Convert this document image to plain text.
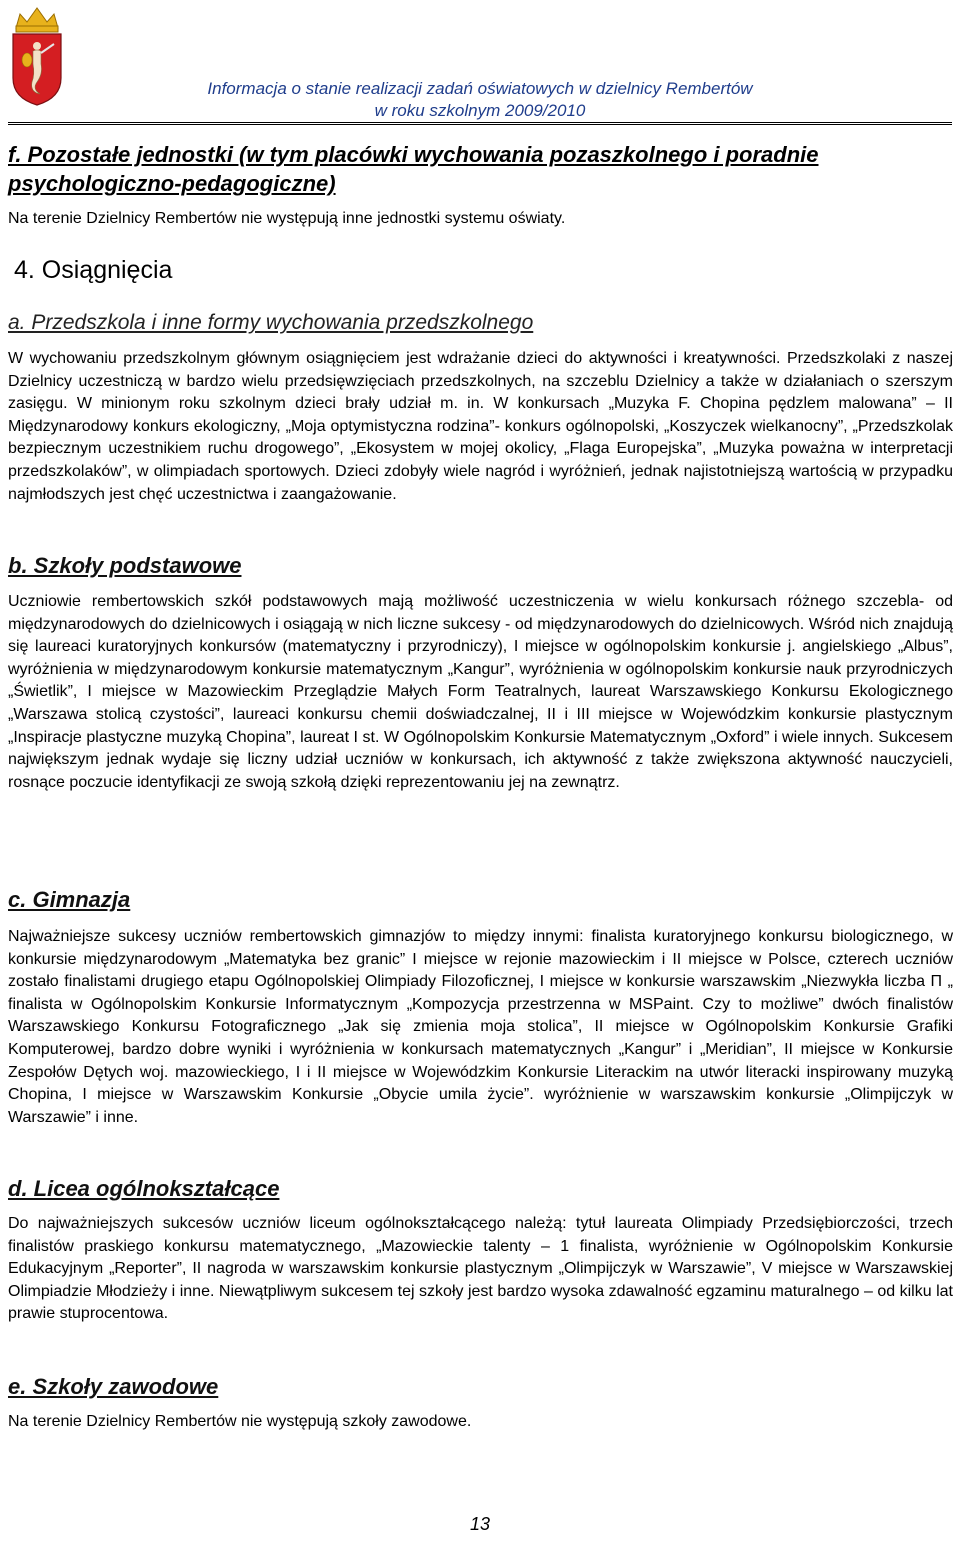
Informacja o stanie realizacji zadań oświatowych w dzielnicy Rembertów
w roku szkolnym 2009/2010
f. Pozostałe jednostki (w tym placówki wychowania pozaszkolnego i poradnie psychologiczno-pedagogiczne)
Na terenie Dzielnicy Rembertów nie występują inne jednostki systemu oświaty.
4. Osiągnięcia
a. Przedszkola i inne formy wychowania przedszkolnego
W wychowaniu przedszkolnym głównym osiągnięciem jest wdrażanie dzieci do aktywności i kreatywności. Przedszkolaki z naszej Dzielnicy uczestniczą w bardzo wielu przedsięwzięciach przedszkolnych, na szczeblu Dzielnicy a także w działaniach o szerszym zasięgu. W minionym roku szkolnym dzieci brały udział m. in. W konkursach „Muzyka F. Chopina pędzlem malowana” – II Międzynarodowy konkurs ekologiczny, „Moja optymistyczna rodzina”- konkurs ogólnopolski, „Koszyczek wielkanocny”, „Przedszkolak bezpiecznym uczestnikiem ruchu drogowego”, „Ekosystem w mojej okolicy, „Flaga Europejska”, „Muzyka poważna w interpretacji przedszkolaków”, w olimpiadach sportowych. Dzieci zdobyły wiele nagród i wyróżnień, jednak najistotniejszą wartością w przypadku najmłodszych jest chęć uczestnictwa i zaangażowanie.
b. Szkoły podstawowe
Uczniowie rembertowskich szkół podstawowych mają możliwość uczestniczenia w wielu konkursach różnego szczebla- od międzynarodowych do dzielnicowych i osiągają w nich liczne sukcesy - od międzynarodowych do dzielnicowych. Wśród nich znajdują się laureaci kuratoryjnych konkursów (matematyczny i przyrodniczy), I miejsce w ogólnopolskim konkursie j. angielskiego „Albus”, wyróżnienia w międzynarodowym konkursie matematycznym „Kangur”, wyróżnienia w ogólnopolskim konkursie nauk przyrodniczych „Świetlik”, I miejsce w Mazowieckim Przeglądzie Małych Form Teatralnych, laureat Warszawskiego Konkursu Ekologicznego „Warszawa stolicą czystości”, laureaci konkursu chemii doświadczalnej, II i III miejsce w Wojewódzkim konkursie plastycznym „Inspiracje plastyczne muzyką Chopina”, laureat I st. W Ogólnopolskim Konkursie Matematycznym „Oxford” i wiele innych. Sukcesem największym jednak wydaje się liczny udział uczniów w konkursach, ich aktywność z także zwiększona aktywność nauczycieli, rosnące poczucie identyfikacji ze swoją szkołą dzięki reprezentowaniu jej na zewnątrz.
c. Gimnazja
Najważniejsze sukcesy uczniów rembertowskich gimnazjów to między innymi: finalista kuratoryjnego konkursu biologicznego, w konkursie międzynarodowym „Matematyka bez granic” I miejsce w rejonie mazowieckim i II miejsce w Polsce, czterech uczniów zostało finalistami drugiego etapu Ogólnopolskiej Olimpiady Filozoficznej, I miejsce w konkursie warszawskim „Niezwykła liczba Π „ finalista w Ogólnopolskim Konkursie Informatycznym „Kompozycja przestrzenna w MSPaint. Czy to możliwe” dwóch finalistów Warszawskiego Konkursu Fotograficznego „Jak się zmienia moja stolica”, II miejsce w Ogólnopolskim Konkursie Grafiki Komputerowej, bardzo dobre wyniki i wyróżnienia w konkursach matematycznych „Kangur” i „Meridian”, II miejsce w Konkursie Zespołów Dętych woj. mazowieckiego, I i II miejsce w Wojewódzkim Konkursie Literackim na utwór literacki inspirowany muzyką Chopina, I miejsce w Warszawskim Konkursie „Obycie umila życie”. wyróżnienie w warszawskim konkursie „Olimpijczyk w Warszawie” i inne.
d. Licea ogólnokształcące
Do najważniejszych sukcesów uczniów liceum ogólnokształcącego należą: tytuł laureata Olimpiady Przedsiębiorczości, trzech finalistów praskiego konkursu matematycznego, „Mazowieckie talenty – 1 finalista, wyróżnienie w Ogólnopolskim Konkursie Edukacyjnym „Reporter”, II nagroda w warszawskim konkursie plastycznym „Olimpijczyk w Warszawie”, V miejsce w Warszawskiej Olimpiadzie Młodzieży i inne. Niewątpliwym sukcesem tej szkoły jest bardzo wysoka zdawalność egzaminu maturalnego – od kilku lat prawie stuprocentowa.
e. Szkoły zawodowe
Na terenie Dzielnicy Rembertów nie występują szkoły zawodowe.
13
